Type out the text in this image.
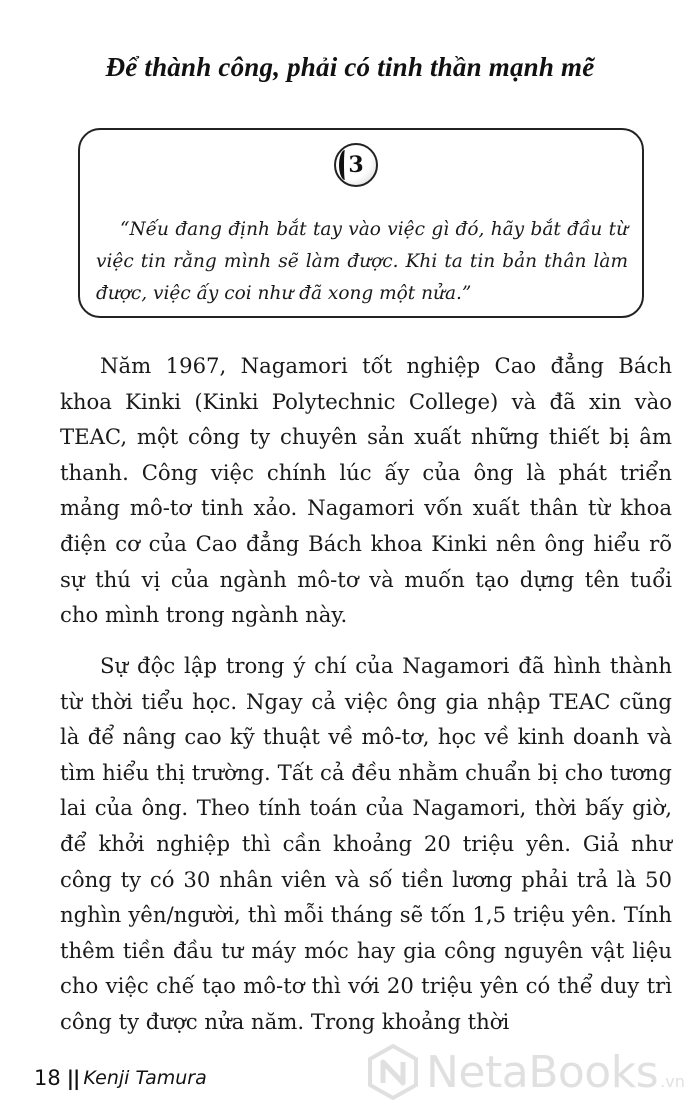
Để thành công, phải có tinh thần mạnh mẽ
3
“Nếu đang định bắt tay vào việc gì đó, hãy bắt đầu từ việc tin rằng mình sẽ làm được. Khi ta tin bản thân làm được, việc ấy coi như đã xong một nửa.”

Năm 1967, Nagamori tốt nghiệp Cao đẳng Bách khoa Kinki (Kinki Polytechnic College) và đã xin vào TEAC, một công ty chuyên sản xuất những thiết bị âm thanh. Công việc chính lúc ấy của ông là phát triển mảng mô-tơ tinh xảo. Nagamori vốn xuất thân từ khoa điện cơ của Cao đẳng Bách khoa Kinki nên ông hiểu rõ sự thú vị của ngành mô-tơ và muốn tạo dựng tên tuổi cho mình trong ngành này.

Sự độc lập trong ý chí của Nagamori đã hình thành từ thời tiểu học. Ngay cả việc ông gia nhập TEAC cũng là để nâng cao kỹ thuật về mô-tơ, học về kinh doanh và tìm hiểu thị trường. Tất cả đều nhằm chuẩn bị cho tương lai của ông. Theo tính toán của Nagamori, thời bấy giờ, để khởi nghiệp thì cần khoảng 20 triệu yên. Giả như công ty có 30 nhân viên và số tiền lương phải trả là 50 nghìn yên/người, thì mỗi tháng sẽ tốn 1,5 triệu yên. Tính thêm tiền đầu tư máy móc hay gia công nguyên vật liệu cho việc chế tạo mô-tơ thì với 20 triệu yên có thể duy trì công ty được nửa năm. Trong khoảng thời

18 || Kenji Tamura	NetaBooks .vn
